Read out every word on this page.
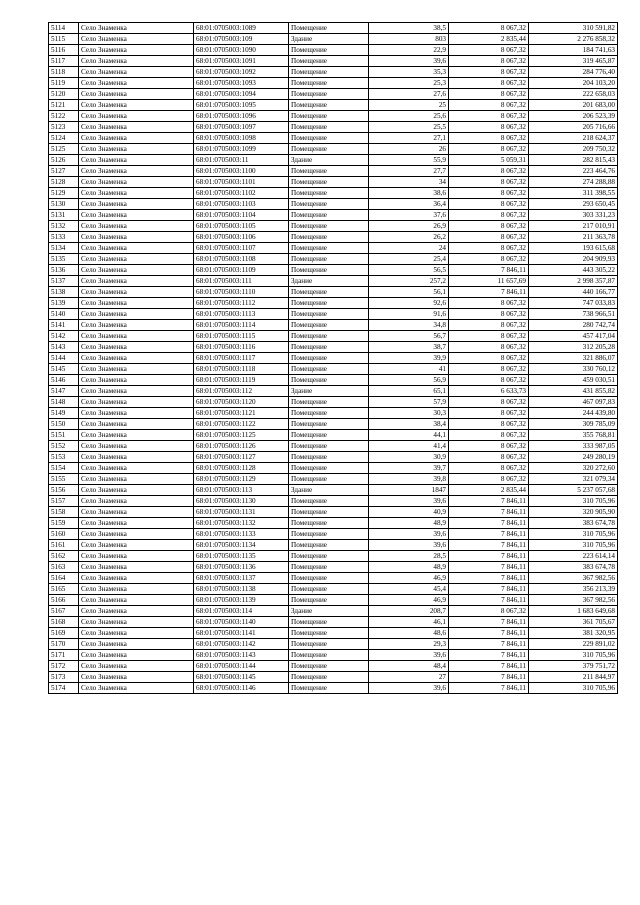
5114	Село Знаменка	68:01:0705003:1089	Помещение	38,5	8 067,32	310 591,82
5115	Село Знаменка	68:01:0705003:109	Здание	803	2 835,44	2 276 858,32
5116	Село Знаменка	68:01:0705003:1090	Помещение	22,9	8 067,32	184 741,63
5117	Село Знаменка	68:01:0705003:1091	Помещение	39,6	8 067,32	319 465,87
5118	Село Знаменка	68:01:0705003:1092	Помещение	35,3	8 067,32	284 776,40
5119	Село Знаменка	68:01:0705003:1093	Помещение	25,3	8 067,32	204 103,20
5120	Село Знаменка	68:01:0705003:1094	Помещение	27,6	8 067,32	222 658,03
5121	Село Знаменка	68:01:0705003:1095	Помещение	25	8 067,32	201 683,00
5122	Село Знаменка	68:01:0705003:1096	Помещение	25,6	8 067,32	206 523,39
5123	Село Знаменка	68:01:0705003:1097	Помещение	25,5	8 067,32	205 716,66
5124	Село Знаменка	68:01:0705003:1098	Помещение	27,1	8 067,32	218 624,37
5125	Село Знаменка	68:01:0705003:1099	Помещение	26	8 067,32	209 750,32
5126	Село Знаменка	68:01:0705003:11	Здание	55,9	5 059,31	282 815,43
5127	Село Знаменка	68:01:0705003:1100	Помещение	27,7	8 067,32	223 464,76
5128	Село Знаменка	68:01:0705003:1101	Помещение	34	8 067,32	274 288,88
5129	Село Знаменка	68:01:0705003:1102	Помещение	38,6	8 067,32	311 398,55
5130	Село Знаменка	68:01:0705003:1103	Помещение	36,4	8 067,32	293 650,45
5131	Село Знаменка	68:01:0705003:1104	Помещение	37,6	8 067,32	303 331,23
5132	Село Знаменка	68:01:0705003:1105	Помещение	26,9	8 067,32	217 010,91
5133	Село Знаменка	68:01:0705003:1106	Помещение	26,2	8 067,32	211 363,78
5134	Село Знаменка	68:01:0705003:1107	Помещение	24	8 067,32	193 615,68
5135	Село Знаменка	68:01:0705003:1108	Помещение	25,4	8 067,32	204 909,93
5136	Село Знаменка	68:01:0705003:1109	Помещение	56,5	7 846,11	443 305,22
5137	Село Знаменка	68:01:0705003:111	Здание	257,2	11 657,69	2 998 357,87
5138	Село Знаменка	68:01:0705003:1110	Помещение	56,1	7 846,11	440 166,77
5139	Село Знаменка	68:01:0705003:1112	Помещение	92,6	8 067,32	747 033,83
5140	Село Знаменка	68:01:0705003:1113	Помещение	91,6	8 067,32	738 966,51
5141	Село Знаменка	68:01:0705003:1114	Помещение	34,8	8 067,32	280 742,74
5142	Село Знаменка	68:01:0705003:1115	Помещение	56,7	8 067,32	457 417,04
5143	Село Знаменка	68:01:0705003:1116	Помещение	38,7	8 067,32	312 205,28
5144	Село Знаменка	68:01:0705003:1117	Помещение	39,9	8 067,32	321 886,07
5145	Село Знаменка	68:01:0705003:1118	Помещение	41	8 067,32	330 760,12
5146	Село Знаменка	68:01:0705003:1119	Помещение	56,9	8 067,32	459 030,51
5147	Село Знаменка	68:01:0705003:112	Здание	65,1	6 633,73	431 855,82
5148	Село Знаменка	68:01:0705003:1120	Помещение	57,9	8 067,32	467 097,83
5149	Село Знаменка	68:01:0705003:1121	Помещение	30,3	8 067,32	244 439,80
5150	Село Знаменка	68:01:0705003:1122	Помещение	38,4	8 067,32	309 785,09
5151	Село Знаменка	68:01:0705003:1125	Помещение	44,1	8 067,32	355 768,81
5152	Село Знаменка	68:01:0705003:1126	Помещение	41,4	8 067,32	333 987,05
5153	Село Знаменка	68:01:0705003:1127	Помещение	30,9	8 067,32	249 280,19
5154	Село Знаменка	68:01:0705003:1128	Помещение	39,7	8 067,32	320 272,60
5155	Село Знаменка	68:01:0705003:1129	Помещение	39,8	8 067,32	321 079,34
5156	Село Знаменка	68:01:0705003:113	Здание	1847	2 835,44	5 237 057,68
5157	Село Знаменка	68:01:0705003:1130	Помещение	39,6	7 846,11	310 705,96
5158	Село Знаменка	68:01:0705003:1131	Помещение	40,9	7 846,11	320 905,90
5159	Село Знаменка	68:01:0705003:1132	Помещение	48,9	7 846,11	383 674,78
5160	Село Знаменка	68:01:0705003:1133	Помещение	39,6	7 846,11	310 705,96
5161	Село Знаменка	68:01:0705003:1134	Помещение	39,6	7 846,11	310 705,96
5162	Село Знаменка	68:01:0705003:1135	Помещение	28,5	7 846,11	223 614,14
5163	Село Знаменка	68:01:0705003:1136	Помещение	48,9	7 846,11	383 674,78
5164	Село Знаменка	68:01:0705003:1137	Помещение	46,9	7 846,11	367 982,56
5165	Село Знаменка	68:01:0705003:1138	Помещение	45,4	7 846,11	356 213,39
5166	Село Знаменка	68:01:0705003:1139	Помещение	46,9	7 846,11	367 982,56
5167	Село Знаменка	68:01:0705003:114	Здание	208,7	8 067,32	1 683 649,68
5168	Село Знаменка	68:01:0705003:1140	Помещение	46,1	7 846,11	361 705,67
5169	Село Знаменка	68:01:0705003:1141	Помещение	48,6	7 846,11	381 320,95
5170	Село Знаменка	68:01:0705003:1142	Помещение	29,3	7 846,11	229 891,02
5171	Село Знаменка	68:01:0705003:1143	Помещение	39,6	7 846,11	310 705,96
5172	Село Знаменка	68:01:0705003:1144	Помещение	48,4	7 846,11	379 751,72
5173	Село Знаменка	68:01:0705003:1145	Помещение	27	7 846,11	211 844,97
5174	Село Знаменка	68:01:0705003:1146	Помещение	39,6	7 846,11	310 705,96
